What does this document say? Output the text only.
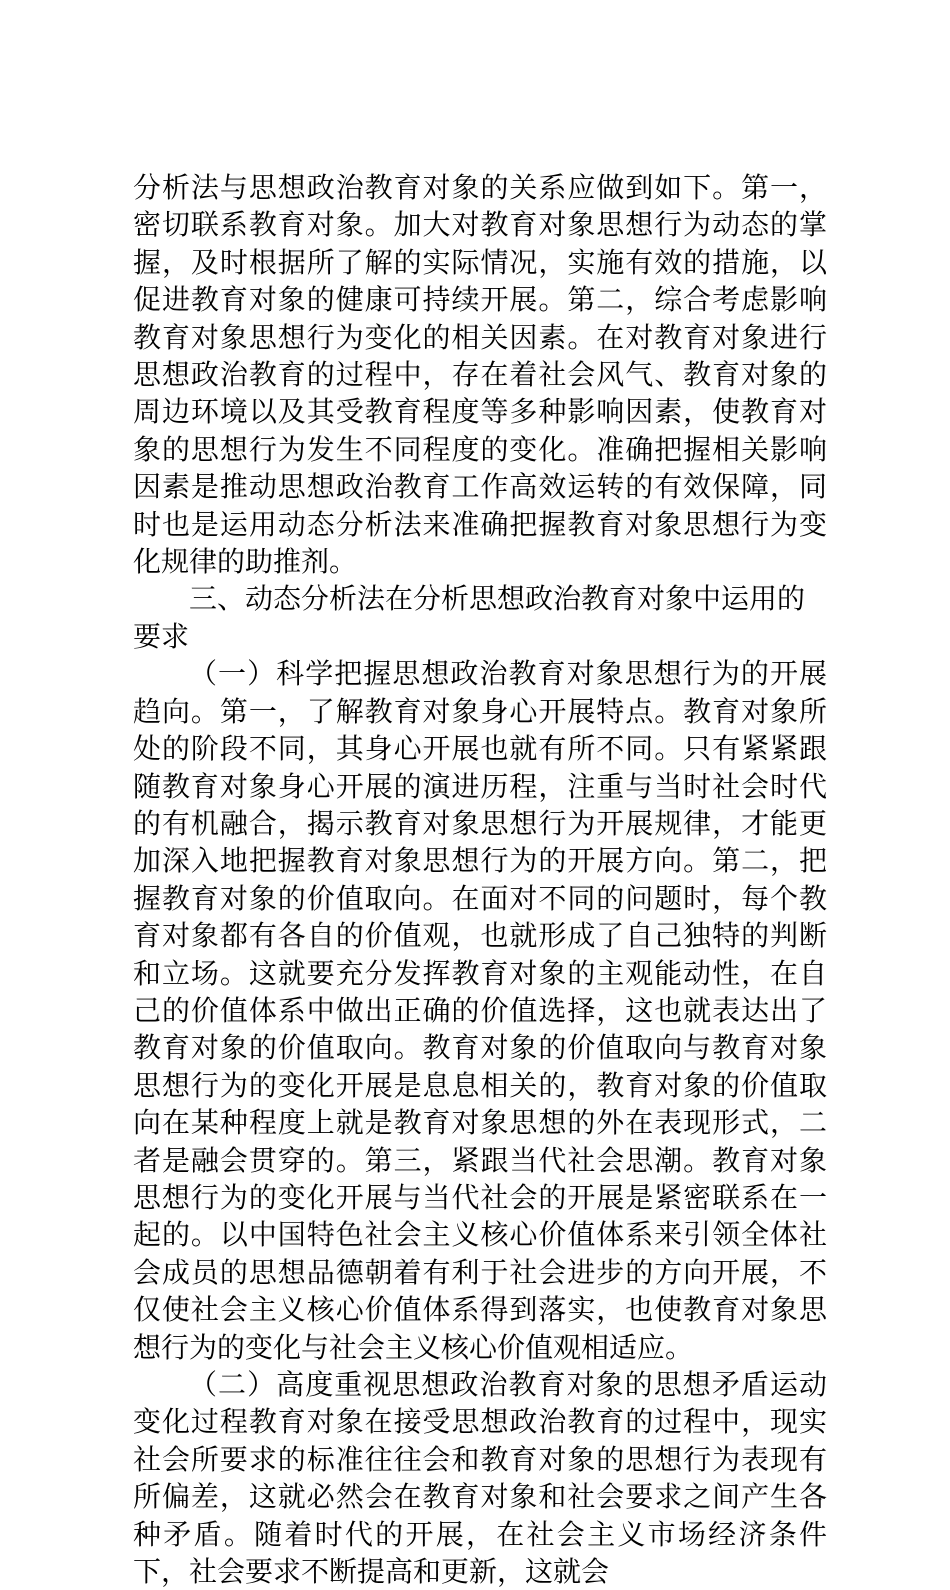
分析法与思想政治教育对象的关系应做到如下。第一，密切联系教育对象。加大对教育对象思想行为动态的掌握，及时根据所了解的实际情况，实施有效的措施，以促进教育对象的健康可持续开展。第二，综合考虑影响教育对象思想行为变化的相关因素。在对教育对象进行思想政治教育的过程中，存在着社会风气、教育对象的周边环境以及其受教育程度等多种影响因素，使教育对象的思想行为发生不同程度的变化。准确把握相关影响因素是推动思想政治教育工作高效运转的有效保障，同时也是运用动态分析法来准确把握教育对象思想行为变化规律的助推剂。

三、动态分析法在分析思想政治教育对象中运用的要求

（一）科学把握思想政治教育对象思想行为的开展趋向。第一，了解教育对象身心开展特点。教育对象所处的阶段不同，其身心开展也就有所不同。只有紧紧跟随教育对象身心开展的演进历程，注重与当时社会时代的有机融合，揭示教育对象思想行为开展规律，才能更加深入地把握教育对象思想行为的开展方向。第二，把握教育对象的价值取向。在面对不同的问题时，每个教育对象都有各自的价值观，也就形成了自己独特的判断和立场。这就要充分发挥教育对象的主观能动性，在自己的价值体系中做出正确的价值选择，这也就表达出了教育对象的价值取向。教育对象的价值取向与教育对象思想行为的变化开展是息息相关的，教育对象的价值取向在某种程度上就是教育对象思想的外在表现形式，二者是融会贯穿的。第三，紧跟当代社会思潮。教育对象思想行为的变化开展与当代社会的开展是紧密联系在一起的。以中国特色社会主义核心价值体系来引领全体社会成员的思想品德朝着有利于社会进步的方向开展，不仅使社会主义核心价值体系得到落实，也使教育对象思想行为的变化与社会主义核心价值观相适应。

（二）高度重视思想政治教育对象的思想矛盾运动变化过程教育对象在接受思想政治教育的过程中，现实社会所要求的标准往往会和教育对象的思想行为表现有所偏差，这就必然会在教育对象和社会要求之间产生各种矛盾。随着时代的开展，在社会主义市场经济条件下，社会要求不断提高和更新，这就会
